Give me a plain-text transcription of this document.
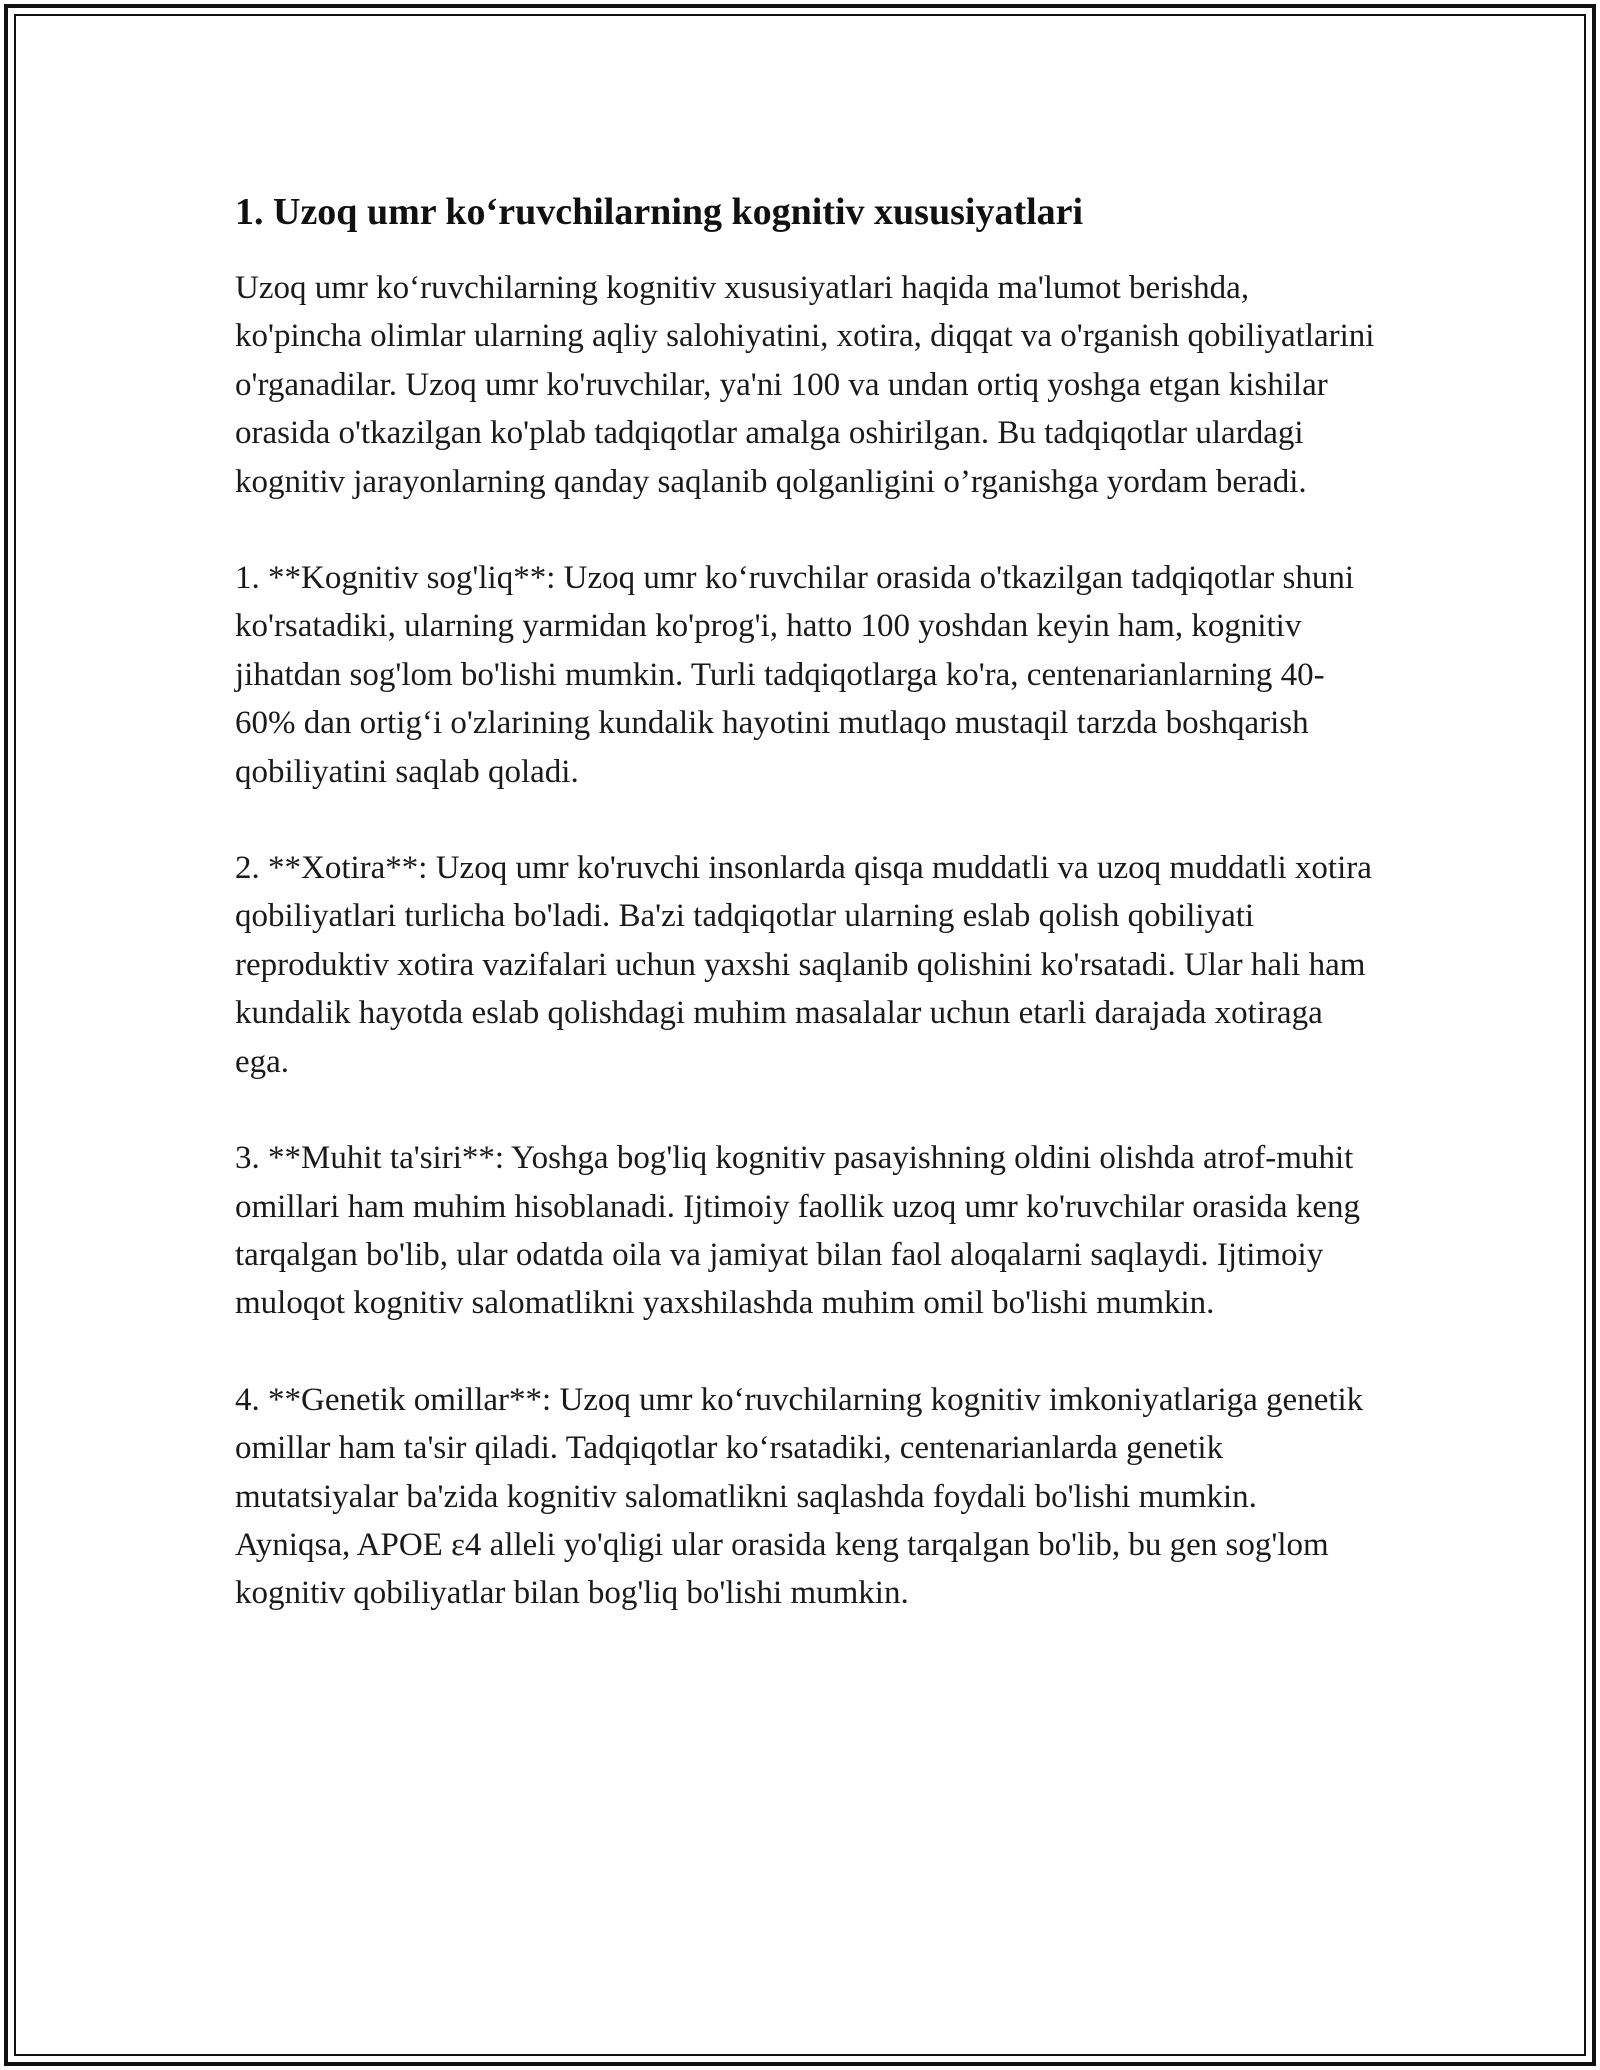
1. Uzoq umr ko‘ruvchilarning kognitiv xususiyatlari

Uzoq umr ko‘ruvchilarning kognitiv xususiyatlari haqida ma'lumot berishda, ko'pincha olimlar ularning aqliy salohiyatini, xotira, diqqat va o'rganish qobiliyatlarini o'rganadilar. Uzoq umr ko'ruvchilar, ya'ni 100 va undan ortiq yoshga etgan kishilar orasida o'tkazilgan ko'plab tadqiqotlar amalga oshirilgan. Bu tadqiqotlar ulardagi kognitiv jarayonlarning qanday saqlanib qolganligini o’rganishga yordam beradi.

1. **Kognitiv sog'liq**: Uzoq umr ko‘ruvchilar orasida o'tkazilgan tadqiqotlar shuni ko'rsatadiki, ularning yarmidan ko'prog'i, hatto 100 yoshdan keyin ham, kognitiv jihatdan sog'lom bo'lishi mumkin. Turli tadqiqotlarga ko'ra, centenarianlarning 40-60% dan ortig‘i o'zlarining kundalik hayotini mutlaqo mustaqil tarzda boshqarish qobiliyatini saqlab qoladi.

2. **Xotira**: Uzoq umr ko'ruvchi insonlarda qisqa muddatli va uzoq muddatli xotira qobiliyatlari turlicha bo'ladi. Ba'zi tadqiqotlar ularning eslab qolish qobiliyati reproduktiv xotira vazifalari uchun yaxshi saqlanib qolishini ko'rsatadi. Ular hali ham kundalik hayotda eslab qolishdagi muhim masalalar uchun etarli darajada xotiraga ega.

3. **Muhit ta'siri**: Yoshga bog'liq kognitiv pasayishning oldini olishda atrof-muhit omillari ham muhim hisoblanadi. Ijtimoiy faollik uzoq umr ko'ruvchilar orasida keng tarqalgan bo'lib, ular odatda oila va jamiyat bilan faol aloqalarni saqlaydi. Ijtimoiy muloqot kognitiv salomatlikni yaxshilashda muhim omil bo'lishi mumkin.

4. **Genetik omillar**: Uzoq umr ko‘ruvchilarning kognitiv imkoniyatlariga genetik omillar ham ta'sir qiladi. Tadqiqotlar ko‘rsatadiki, centenarianlarda genetik mutatsiyalar ba'zida kognitiv salomatlikni saqlashda foydali bo'lishi mumkin. Ayniqsa, APOE ε4 alleli yo'qligi ular orasida keng tarqalgan bo'lib, bu gen sog'lom kognitiv qobiliyatlar bilan bog'liq bo'lishi mumkin.
